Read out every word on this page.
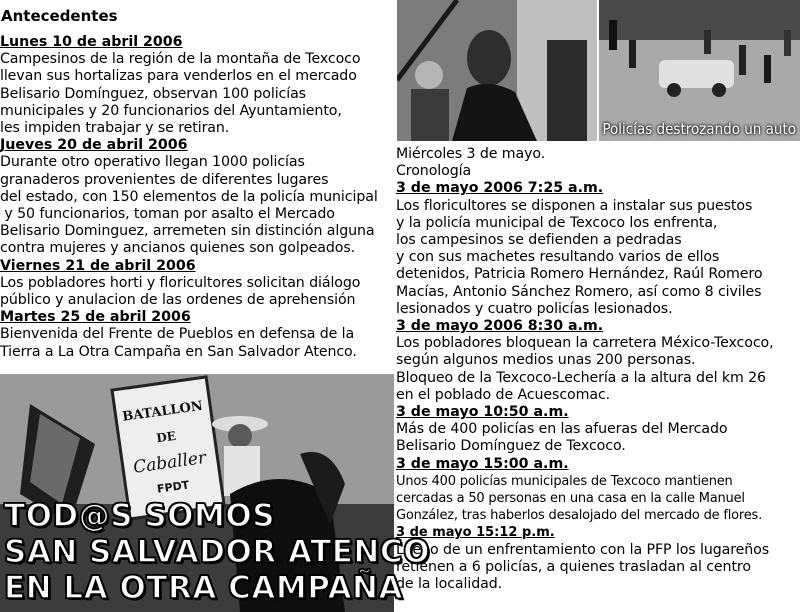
Antecedentes
Lunes 10 de abril 2006
Campesinos de la región de la montaña de Texcoco
llevan sus hortalizas para venderlos en el mercado
Belisario Domínguez, observan 100 policías
municipales y 20 funcionarios del Ayuntamiento,
les impiden trabajar y se retiran.
Jueves 20 de abril 2006
Durante otro operativo llegan 1000 policías
granaderos provenientes de diferentes lugares
del estado, con 150 elementos de la policía municipal
y 50 funcionarios, toman por asalto el Mercado
Belisario Dominguez, arremeten sin distinción alguna
contra mujeres y ancianos quienes son golpeados.
Viernes 21 de abril 2006
Los pobladores horti y floricultores solicitan diálogo
público y anulacion de las ordenes de aprehensión
Martes 25 de abril 2006
Bienvenida del Frente de Pueblos en defensa de la
Tierra a La Otra Campaña en San Salvador Atenco.
Policías destrozando un auto
Miércoles 3 de mayo.
Cronología
3 de mayo 2006 7:25 a.m.
Los floricultores se disponen a instalar sus puestos
y la policía municipal de Texcoco los enfrenta,
los campesinos se defienden a pedradas
y con sus machetes resultando varios de ellos
detenidos, Patricia Romero Hernández, Raúl Romero
Macías, Antonio Sánchez Romero, así como 8 civiles
lesionados y cuatro policías lesionados.
3 de mayo 2006 8:30 a.m.
Los pobladores bloquean la carretera México-Texcoco,
según algunos medios unas 200 personas.
Bloqueo de la Texcoco-Lechería a la altura del km 26
en el poblado de Acuescomac.
3 de mayo 10:50 a.m.
Más de 400 policías en las afueras del Mercado
Belisario Domínguez de Texcoco.
3 de mayo 15:00 a.m.
Unos 400 policías municipales de Texcoco mantienen
cercadas a 50 personas en una casa en la calle Manuel
González, tras haberlos desalojado del mercado de flores.
3 de mayo 15:12 p.m.
Luego de un enfrentamiento con la PFP los lugareños
retienen a 6 policías, a quienes trasladan al centro
de la localidad.
BATALLON
DE
Caballer
FPDT
TOD@S SOMOS
SAN SALVADOR ATENCO
EN LA OTRA CAMPAÑA
